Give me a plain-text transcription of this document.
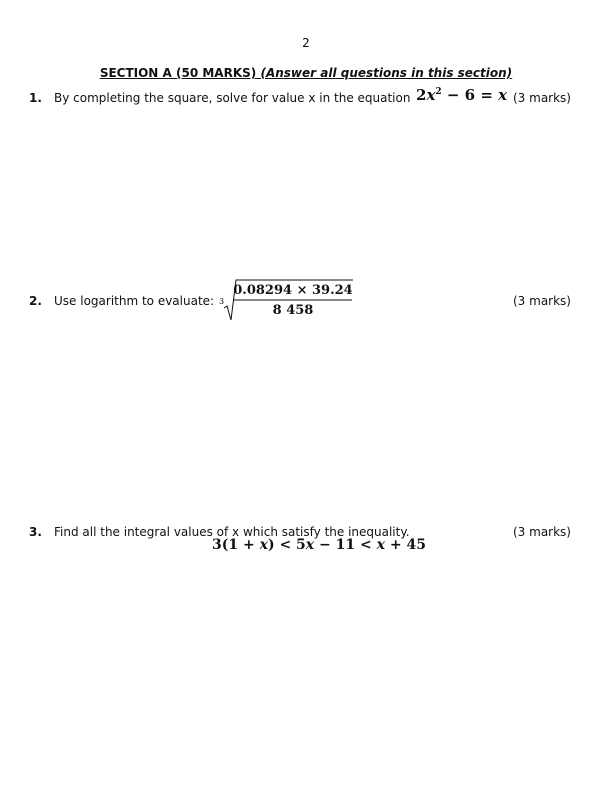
2
SECTION A (50 MARKS) (Answer all questions in this section)
1. By completing the square, solve for value x in the equation $2x^2 - 6 = x$ (3 marks)
2. Use logarithm to evaluate: 3
0.08294 × 39.24
8 458
(3 marks)
3. Find all the integral values of x which satisfy the inequality.
3(1 + x) < 5x − 11 < x + 45
(3 marks)
